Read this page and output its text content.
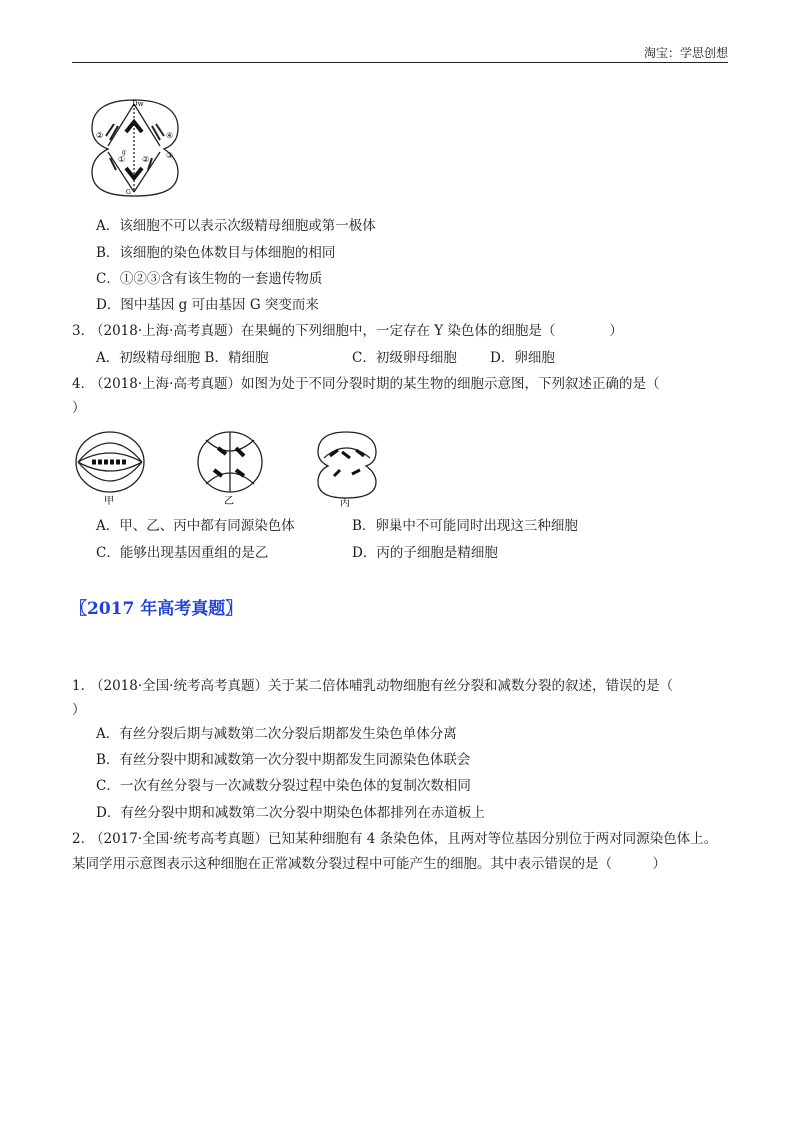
淘宝：学思创想
Dw
②	④
① ② ③
g
G
A．该细胞不可以表示次级精母细胞或第一极体
B．该细胞的染色体数目与体细胞的相同
C．①②③含有该生物的一套遗传物质
D．图中基因 g 可由基因 G 突变而来
3．
（2018·上海·高考真题）在果蝇的下列细胞中，一定存在 Y 染色体的细胞是（　　　　）
A．初级精母细胞 B．精细胞	C．初级卵母细胞 D．卵细胞
4．
（2018·上海·高考真题）如图为处于不同分裂时期的某生物的细胞示意图，下列叙述正确的是（
）
甲	乙	丙
A．甲、乙、丙中都有同源染色体	B．卵巢中不可能同时出现这三种细胞
C．能够出现基因重组的是乙	D．丙的子细胞是精细胞
〖2017 年高考真题〗
1．
（2018·全国·统考高考真题）关于某二倍体哺乳动物细胞有丝分裂和减数分裂的叙述，错误的是（
）
A．有丝分裂后期与减数第二次分裂后期都发生染色单体分离
B．有丝分裂中期和减数第一次分裂中期都发生同源染色体联会
C．一次有丝分裂与一次减数分裂过程中染色体的复制次数相同
D．有丝分裂中期和减数第二次分裂中期染色体都排列在赤道板上
2．
（2017·全国·统考高考真题）已知某种细胞有 4 条染色体，且两对等位基因分别位于两对同源染色体上。
某同学用示意图表示这种细胞在正常减数分裂过程中可能产生的细胞。其中表示错误的是（　　　）
